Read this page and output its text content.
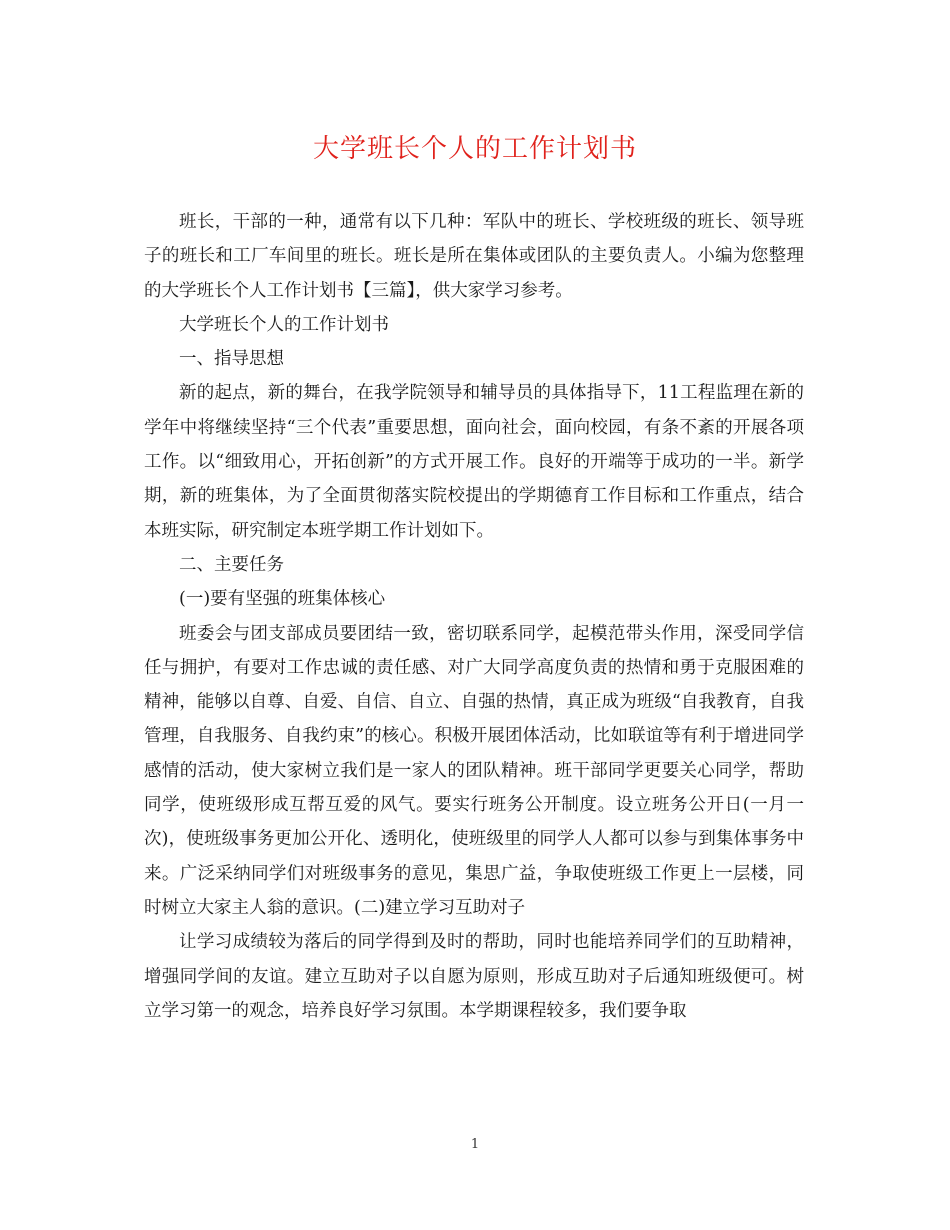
大学班长个人的工作计划书

班长，干部的一种，通常有以下几种：军队中的班长、学校班级的班长、领导班子的班长和工厂车间里的班长。班长是所在集体或团队的主要负责人。小编为您整理的大学班长个人工作计划书【三篇】，供大家学习参考。

大学班长个人的工作计划书

一、指导思想

新的起点，新的舞台，在我学院领导和辅导员的具体指导下，11工程监理在新的学年中将继续坚持“三个代表”重要思想，面向社会，面向校园，有条不紊的开展各项工作。以“细致用心，开拓创新”的方式开展工作。良好的开端等于成功的一半。新学期，新的班集体，为了全面贯彻落实院校提出的学期德育工作目标和工作重点，结合本班实际，研究制定本班学期工作计划如下。

二、主要任务

(一)要有坚强的班集体核心

班委会与团支部成员要团结一致，密切联系同学，起模范带头作用，深受同学信任与拥护，有要对工作忠诚的责任感、对广大同学高度负责的热情和勇于克服困难的精神，能够以自尊、自爱、自信、自立、自强的热情，真正成为班级“自我教育，自我管理，自我服务、自我约束”的核心。积极开展团体活动，比如联谊等有利于增进同学感情的活动，使大家树立我们是一家人的团队精神。班干部同学更要关心同学，帮助同学，使班级形成互帮互爱的风气。要实行班务公开制度。设立班务公开日(一月一次)，使班级事务更加公开化、透明化，使班级里的同学人人都可以参与到集体事务中来。广泛采纳同学们对班级事务的意见，集思广益，争取使班级工作更上一层楼，同时树立大家主人翁的意识。(二)建立学习互助对子

让学习成绩较为落后的同学得到及时的帮助，同时也能培养同学们的互助精神，增强同学间的友谊。建立互助对子以自愿为原则，形成互助对子后通知班级便可。树立学习第一的观念，培养良好学习氛围。本学期课程较多，我们要争取

1
